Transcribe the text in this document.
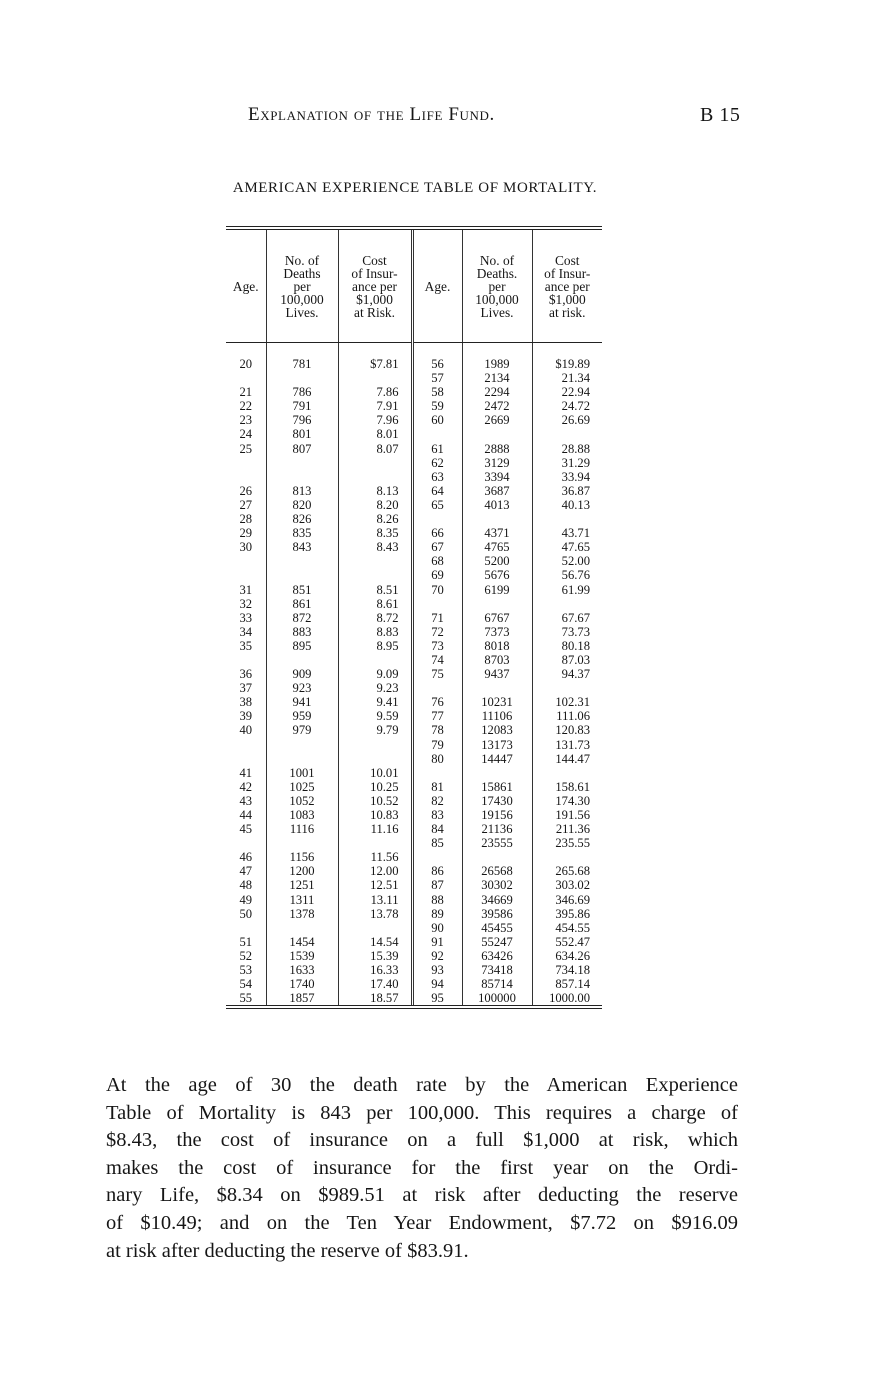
Explanation of the Life Fund.	B 15
AMERICAN EXPERIENCE TABLE OF MORTALITY.
Age.	No. of
Deaths
per
100,000
Lives.	Cost
of Insur-
ance per
$1,000
at Risk.	Age.	No. of
Deaths.
per
100,000
Lives.	Cost
of Insur-
ance per
$1,000
at risk.

20	781	$7.81	56	1989	$19.89
			57	2134	21.34
21	786	7.86	58	2294	22.94
22	791	7.91	59	2472	24.72
23	796	7.96	60	2669	26.69
24	801	8.01			
25	807	8.07	61	2888	28.88
			62	3129	31.29
			63	3394	33.94
26	813	8.13	64	3687	36.87
27	820	8.20	65	4013	40.13
28	826	8.26			
29	835	8.35	66	4371	43.71
30	843	8.43	67	4765	47.65
			68	5200	52.00
			69	5676	56.76
31	851	8.51	70	6199	61.99
32	861	8.61			
33	872	8.72	71	6767	67.67
34	883	8.83	72	7373	73.73
35	895	8.95	73	8018	80.18
			74	8703	87.03
36	909	9.09	75	9437	94.37
37	923	9.23			
38	941	9.41	76	10231	102.31
39	959	9.59	77	11106	111.06
40	979	9.79	78	12083	120.83
			79	13173	131.73
			80	14447	144.47
41	1001	10.01			
42	1025	10.25	81	15861	158.61
43	1052	10.52	82	17430	174.30
44	1083	10.83	83	19156	191.56
45	1116	11.16	84	21136	211.36
			85	23555	235.55
46	1156	11.56			
47	1200	12.00	86	26568	265.68
48	1251	12.51	87	30302	303.02
49	1311	13.11	88	34669	346.69
50	1378	13.78	89	39586	395.86
			90	45455	454.55
51	1454	14.54	91	55247	552.47
52	1539	15.39	92	63426	634.26
53	1633	16.33	93	73418	734.18
54	1740	17.40	94	85714	857.14
55	1857	18.57	95	100000	1000.00
At the age of 30 the death rate by the American Experience
Table of Mortality is 843 per 100,000. This requires a charge of
$8.43, the cost of insurance on a full $1,000 at risk, which
makes the cost of insurance for the first year on the Ordi-
nary Life, $8.34 on $989.51 at risk after deducting the reserve
of $10.49; and on the Ten Year Endowment, $7.72 on $916.09
at risk after deducting the reserve of $83.91.
